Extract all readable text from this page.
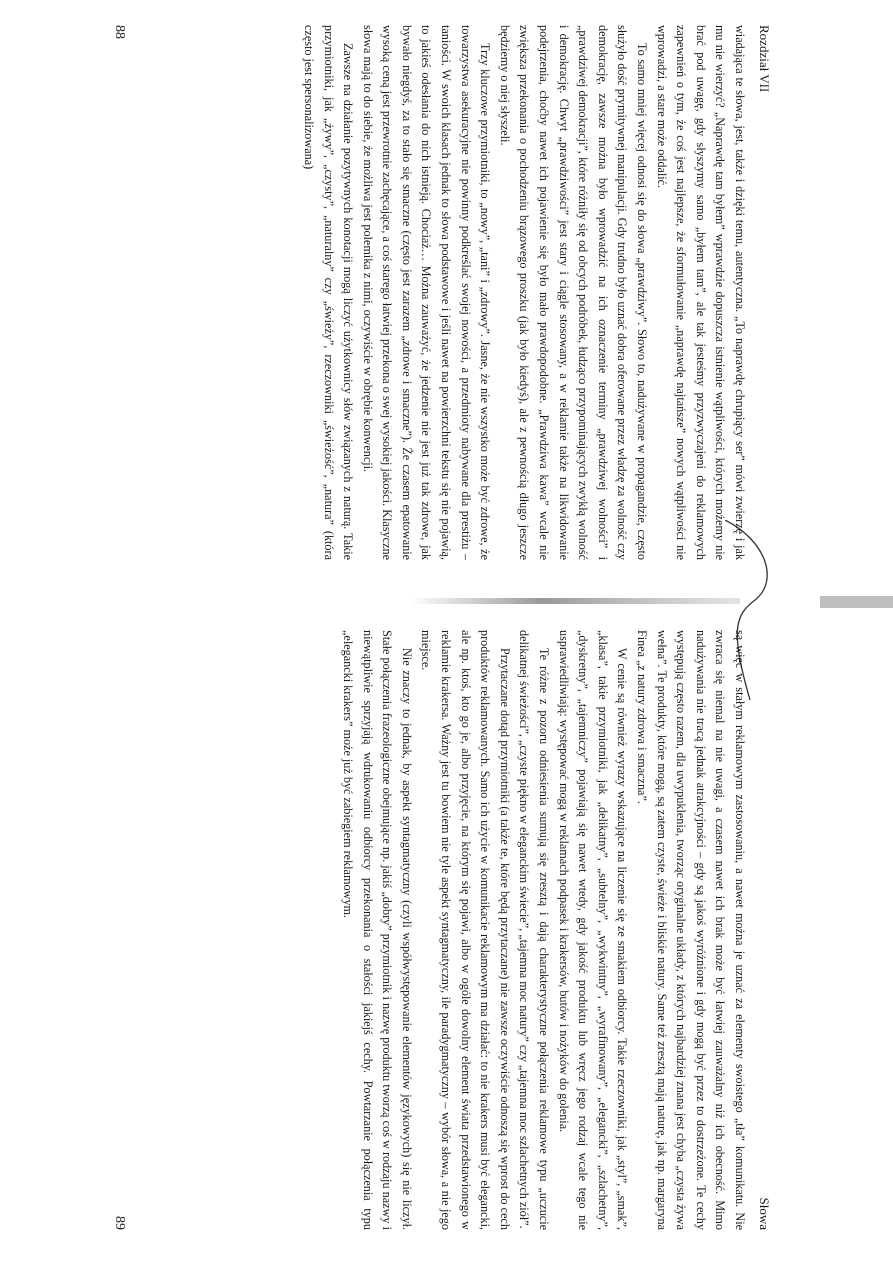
Rozdział VII

wiadająca te słowa, jest, także i dzięki temu, autentyczna. „To naprawdę chrupiący ser” mówi zwierzę i jak mu nie wierzyć? „Naprawdę tam byłem” wprawdzie dopuszcza istnienie wątpliwości, których możemy nie brać pod uwagę, gdy słyszymy samo „byłem tam”, ale tak jesteśmy przyzwyczajeni do reklamowych zapewnień o tym, że coś jest najlepsze, że sformułowanie „naprawdę najtańsze” nowych wątpliwości nie wprowadzi, a stare może oddalić.

To samo mniej więcej odnosi się do słowa „prawdziwy”. Słowo to, nadużywane w propagandzie, często służyło dość prymitywnej manipulacji. Gdy trudno było uznać dobra oferowane przez władzę za wolność czy demokrację, zawsze można było wprowadzić na ich oznaczenie terminy „prawdziwej wolności” i „prawdziwej demokracji”, które różniły się od obcych podróbek, łudząco przypominających zwykłą wolność i demokrację. Chwyt „prawdziwości” jest stary i ciągle stosowany, a w reklamie także na likwidowanie podejrzenia, choćby nawet ich pojawienie się było mało prawdopodobne. „Prawdziwa kawa” wcale nie zwiększa przekonania o pochodzeniu brązowego proszku (jak było kiedyś), ale z pewnością długo jeszcze będziemy o niej słyszeli.

Trzy kluczowe przymiotniki, to „nowy”, „tani” i „zdrowy”. Jasne, że nie wszystko może być zdrowe, że towarzystwa asekuracyjne nie powinny podkreślać swojej nowości, a przedmioty nabywane dla prestiżu – taniości. W swoich klasach jednak to słowa podstawowe i jeśli nawet na powierzchni tekstu się nie pojawią, to jakieś odesłania do nich istnieją. Chociaż… Można zauważyć, że jedzenie nie jest już tak zdrowe, jak bywało niegdyś, za to stało się smaczne (często jest zarazem „zdrowe i smaczne”). Że czasem epatowanie wysoką ceną jest przewrotnie zachęcające, a coś starego łatwiej przekona o swej wysokiej jakości. Klasyczne słowa mają to do siebie, że możliwa jest polemika z nimi, oczywiście w obrębie konwencji.

Zawsze na działanie pozytywnych konotacji mogą liczyć użytkownicy słów związanych z naturą. Takie przymiotniki, jak „żywy”, „czysty”, „naturalny” czy „świeży”, rzeczowniki „świeżość”, „natura” (która często jest spersonalizowana)

88
Słowa

są więc w stałym reklamowym zastosowaniu, a nawet można je uznać za elementy swoistego „tła” komunikatu. Nie zwraca się niemal na nie uwagi, a czasem nawet ich brak może być łatwiej zauważalny niż ich obecność. Mimo nadużywania nie tracą jednak atrakcyjności – gdy są jakoś wyróżnione i gdy mogą być przez to dostrzeżone. Te cechy występują często razem, dla uwypuklenia, tworząc oryginalne układy, z których najbardziej znana jest chyba „czysta żywa wełna”. Te produkty, które mogą, są zatem czyste, świeże i bliskie natury. Same też zresztą mają naturę, jak np. margaryna Finea „z natury zdrowa i smaczna”.

W cenie są również wyrazy wskazujące na liczenie się ze smakiem odbiorcy. Takie rzeczowniki, jak „styl”, „smak”, „klasa”, takie przymiotniki, jak „delikatny”, „subtelny”, „wykwintny”, „wyrafinowany”, „elegancki”, „szlachetny”, „dyskretny”, „tajemniczy” pojawiają się nawet wtedy, gdy jakość produktu lub wręcz jego rodzaj wcale tego nie usprawiedliwiają: występować mogą w reklamach podpasek i krakersów, butów i nożyków do golenia.

Te różne z pozoru odniesienia sumują się zresztą i dają charakterystyczne połączenia reklamowe typu „uczucie delikatnej świeżości”, „czyste piękno w eleganckim świecie”, „tajemna moc natury” czy „tajemna moc szlachetnych ziół”.

Przytaczane dotąd przymiotniki (a także te, które będą przytaczane) nie zawsze oczywiście odnoszą się wprost do cech produktów reklamowanych. Samo ich użycie w komunikacie reklamowym ma działać: to nie krakers musi być elegancki, ale np. ktoś, kto go je, albo przyjęcie, na którym się pojawi, albo w ogóle dowolny element świata przedstawionego w reklamie krakersa. Ważny jest tu bowiem nie tyle aspekt syntagmatyczny, ile paradygmatyczny – wybór słowa, a nie jego miejsce.

Nie znaczy to jednak, by aspekt syntagmatyczny (czyli współwystępowanie elementów językowych) się nie liczył. Stałe połączenia frazeologiczne obejmujące np. jakiś „dobry” przymiotnik i nazwę produktu tworzą coś w rodzaju nazwy i niewątpliwie sprzyjają wdrukowaniu odbiorcy przekonania o stałości jakiejś cechy. Powtarzanie połączenia typu „elegancki krakers” może już być zabiegiem reklamowym.

89
